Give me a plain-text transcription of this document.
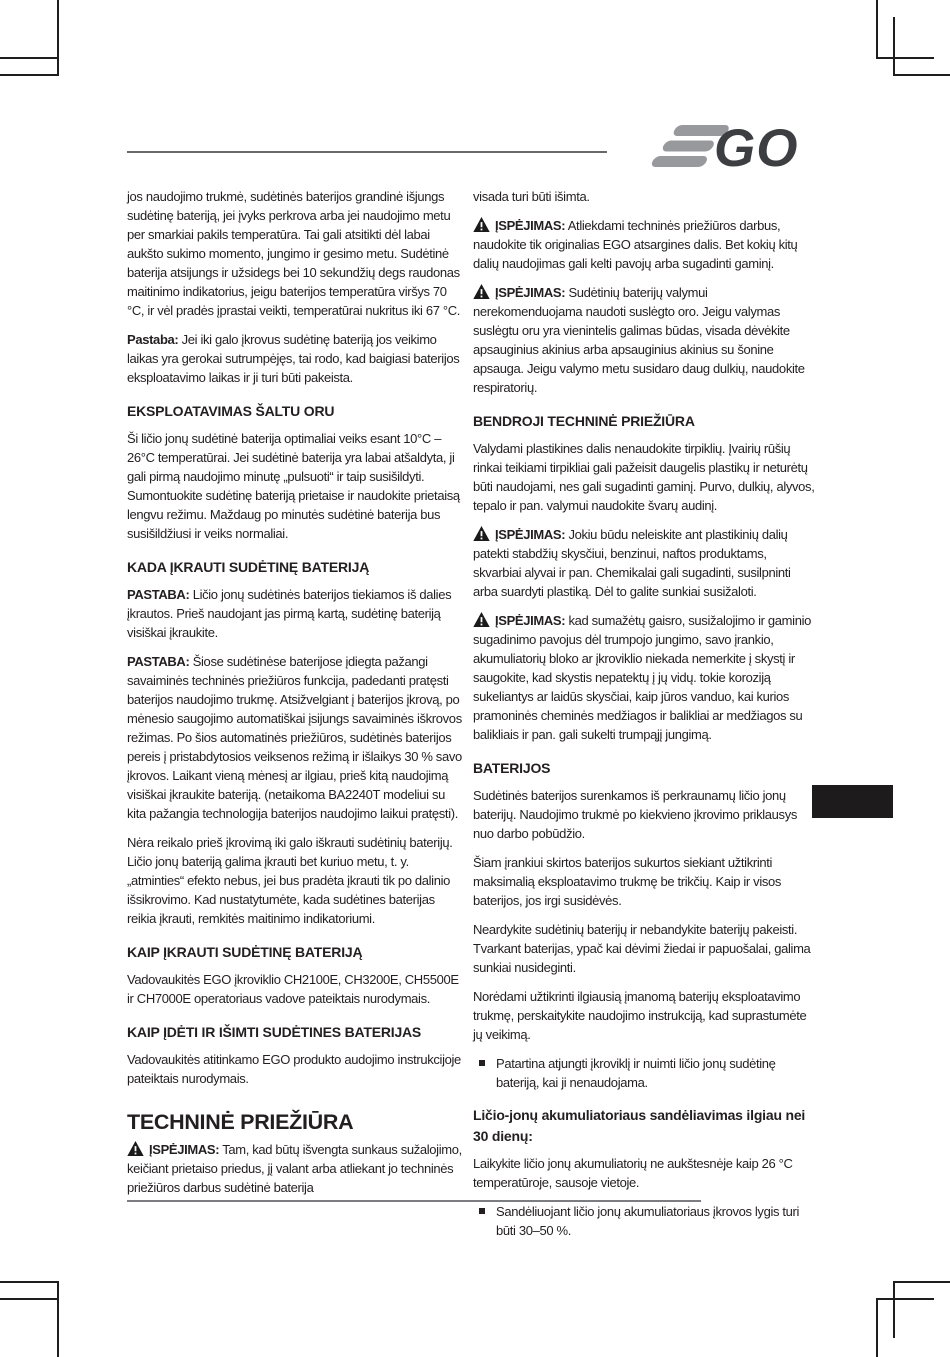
GO

jos naudojimo trukmė, sudėtinės baterijos grandinė išjungs sudėtinę bateriją, jei įvyks perkrova arba jei naudojimo metu per smarkiai pakils temperatūra. Tai gali atsitikti dėl labai aukšto sukimo momento, jungimo ir gesimo metu. Sudėtinė baterija atsijungs ir užsidegs bei 10 sekundžių degs raudonas maitinimo indikatorius, jeigu baterijos temperatūra viršys 70 °C, ir vėl pradės įprastai veikti, temperatūrai nukritus iki 67 °C.

Pastaba: Jei iki galo įkrovus sudėtinę bateriją jos veikimo laikas yra gerokai sutrumpėjęs, tai rodo, kad baigiasi baterijos eksploatavimo laikas ir ji turi būti pakeista.

EKSPLOATAVIMAS ŠALTU ORU

Ši ličio jonų sudėtinė baterija optimaliai veiks esant 10°C – 26°C temperatūrai. Jei sudėtinė baterija yra labai atšaldyta, ji gali pirmą naudojimo minutę „pulsuoti“ ir taip susišildyti. Sumontuokite sudėtinę bateriją prietaise ir naudokite prietaisą lengvu režimu. Maždaug po minutės sudėtinė baterija bus susišildžiusi ir veiks normaliai.

KADA ĮKRAUTI SUDĖTINĘ BATERIJĄ

PASTABA: Ličio jonų sudėtinės baterijos tiekiamos iš dalies įkrautos. Prieš naudojant jas pirmą kartą, sudėtinę bateriją visiškai įkraukite.

PASTABA: Šiose sudėtinėse baterijose įdiegta pažangi savaiminės techninės priežiūros funkcija, padedanti pratęsti baterijos naudojimo trukmę. Atsižvelgiant į baterijos įkrovą, po mėnesio saugojimo automatiškai įsijungs savaiminės iškrovos režimas. Po šios automatinės priežiūros, sudėtinės baterijos pereis į pristabdytosios veiksenos režimą ir išlaikys 30 % savo įkrovos. Laikant vieną mėnesį ar ilgiau, prieš kitą naudojimą visiškai įkraukite bateriją. (netaikoma BA2240T modeliui su kita pažangia technologija baterijos naudojimo laikui pratęsti).

Nėra reikalo prieš įkrovimą iki galo iškrauti sudėtinių baterijų. Ličio jonų bateriją galima įkrauti bet kuriuo metu, t. y. „atminties“ efekto nebus, jei bus pradėta įkrauti tik po dalinio išsikrovimo. Kad nustatytumėte, kada sudėtines baterijas reikia įkrauti, remkitės maitinimo indikatoriumi.

KAIP ĮKRAUTI SUDĖTINĘ BATERIJĄ

Vadovaukitės EGO įkroviklio CH2100E, CH3200E, CH5500E ir CH7000E operatoriaus vadove pateiktais nurodymais.

KAIP ĮDĖTI IR IŠIMTI SUDĖTINES BATERIJAS

Vadovaukitės atitinkamo EGO produkto audojimo instrukcijoje pateiktais nurodymais.

TECHNINĖ PRIEŽIŪRA

ĮSPĖJIMAS: Tam, kad būtų išvengta sunkaus sužalojimo, keičiant prietaiso priedus, jį valant arba atliekant jo techninės priežiūros darbus sudėtinė baterija

visada turi būti išimta.

ĮSPĖJIMAS: Atliekdami techninės priežiūros darbus, naudokite tik originalias EGO atsargines dalis. Bet kokių kitų dalių naudojimas gali kelti pavojų arba sugadinti gaminį.

ĮSPĖJIMAS: Sudėtinių baterijų valymui nerekomenduojama naudoti suslėgto oro. Jeigu valymas suslėgtu oru yra vienintelis galimas būdas, visada dėvėkite apsauginius akinius arba apsauginius akinius su šonine apsauga. Jeigu valymo metu susidaro daug dulkių, naudokite respiratorių.

BENDROJI TECHNINĖ PRIEŽIŪRA

Valydami plastikines dalis nenaudokite tirpiklių. Įvairių rūšių rinkai teikiami tirpikliai gali pažeisit daugelis plastikų ir neturėtų būti naudojami, nes gali sugadinti gaminį. Purvo, dulkių, alyvos, tepalo ir pan. valymui naudokite švarų audinį.

ĮSPĖJIMAS: Jokiu būdu neleiskite ant plastikinių dalių patekti stabdžių skysčiui, benzinui, naftos produktams, skvarbiai alyvai ir pan. Chemikalai gali sugadinti, susilpninti arba suardyti plastiką. Dėl to galite sunkiai susižaloti.

ĮSPĖJIMAS: kad sumažėtų gaisro, susižalojimo ir gaminio sugadinimo pavojus dėl trumpojo jungimo, savo įrankio, akumuliatorių bloko ar įkroviklio niekada nemerkite į skystį ir saugokite, kad skystis nepatektų į jų vidų. tokie koroziją sukeliantys ar laidūs skysčiai, kaip jūros vanduo, kai kurios pramoninės cheminės medžiagos ir balikliai ar medžiagos su balikliais ir pan. gali sukelti trumpąjį jungimą.

BATERIJOS

Sudėtinės baterijos surenkamos iš perkraunamų ličio jonų baterijų. Naudojimo trukmė po kiekvieno įkrovimo priklausys nuo darbo pobūdžio.

Šiam įrankiui skirtos baterijos sukurtos siekiant užtikrinti maksimalią eksploatavimo trukmę be trikčių. Kaip ir visos baterijos, jos irgi susidėvės.

Neardykite sudėtinių baterijų ir nebandykite baterijų pakeisti. Tvarkant baterijas, ypač kai dėvimi žiedai ir papuošalai, galima sunkiai nusideginti.

Norėdami užtikrinti ilgiausią įmanomą baterijų eksploatavimo trukmę, perskaitykite naudojimo instrukciją, kad suprastumėte jų veikimą.

Patartina atjungti įkroviklį ir nuimti ličio jonų sudėtinę bateriją, kai ji nenaudojama.
Ličio-jonų akumuliatoriaus sandėliavimas ilgiau nei 30 dienų:

Laikykite ličio jonų akumuliatorių ne aukštesnėje kaip 26 °C temperatūroje, sausoje vietoje.

Sandėliuojant ličio jonų akumuliatoriaus įkrovos lygis turi būti 30–50 %.
